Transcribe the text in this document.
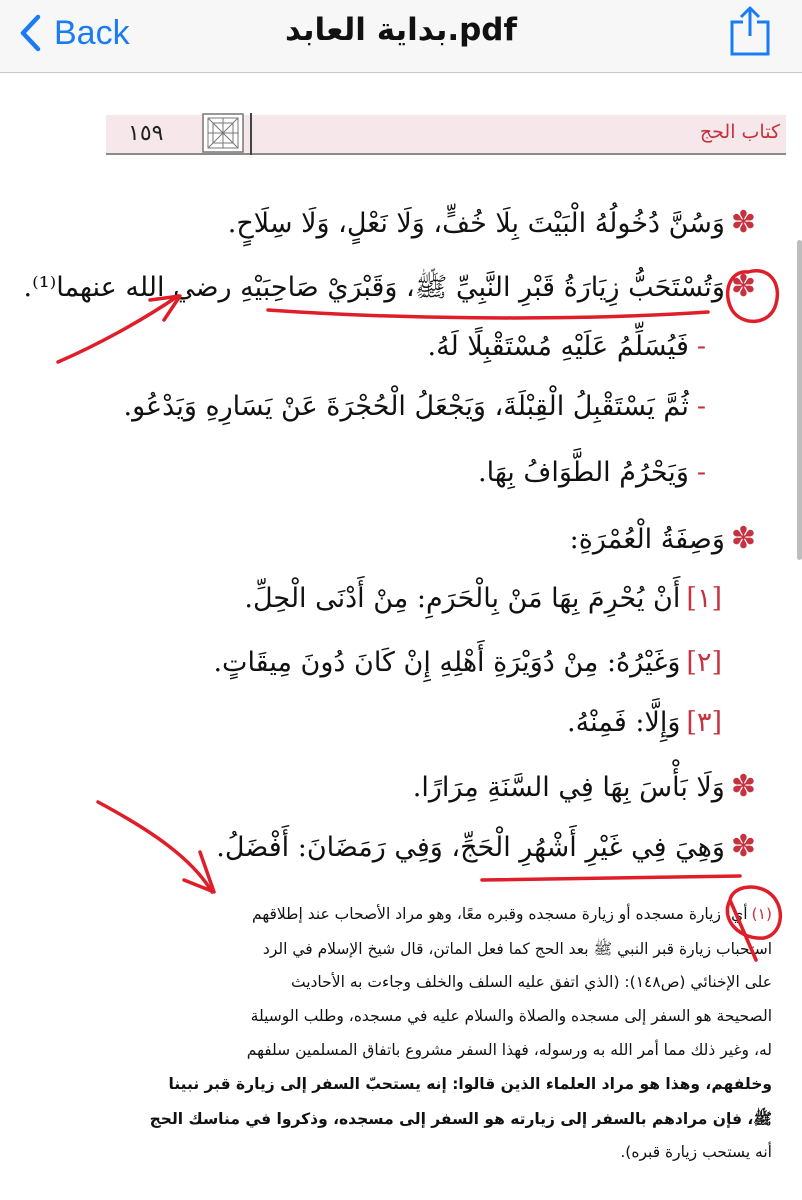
Back	بداية العابد.pdf
١٥٩	كتاب الحج
✽وَسُنَّ دُخُولُهُ الْبَيْتَ بِلَا خُفٍّ، وَلَا نَعْلٍ، وَلَا سِلَاحٍ.
✽وَتُسْتَحَبُّ زِيَارَةُ قَبْرِ النَّبِيِّ ﷺ، وَقَبْرَيْ صَاحِبَيْهِ رضي الله عنهما⁽¹⁾.
-فَيُسَلِّمُ عَلَيْهِ مُسْتَقْبِلًا لَهُ.
-ثُمَّ يَسْتَقْبِلُ الْقِبْلَةَ، وَيَجْعَلُ الْحُجْرَةَ عَنْ يَسَارِهِ وَيَدْعُو.
-وَيَحْرُمُ الطَّوَافُ بِهَا.
✽وَصِفَةُ الْعُمْرَةِ:
[١]أَنْ يُحْرِمَ بِهَا مَنْ بِالْحَرَمِ: مِنْ أَدْنَى الْحِلِّ.
[٢]وَغَيْرُهُ: مِنْ دُوَيْرَةِ أَهْلِهِ إِنْ كَانَ دُونَ مِيقَاتٍ.
[٣]وَإِلَّا: فَمِنْهُ.
✽وَلَا بَأْسَ بِهَا فِي السَّنَةِ مِرَارًا.
✽وَهِيَ فِي غَيْرِ أَشْهُرِ الْحَجِّ، وَفِي رَمَضَانَ: أَفْضَلُ.
(١)أي: زيارة مسجده أو زيارة مسجده وقبره معًا، وهو مراد الأصحاب عند إطلاقهم
استحباب زيارة قبر النبي ﷺ بعد الحج كما فعل الماتن، قال شيخ الإسلام في الرد
على الإخنائي (ص١٤٨): (الذي اتفق عليه السلف والخلف وجاءت به الأحاديث
الصحيحة هو السفر إلى مسجده والصلاة والسلام عليه في مسجده، وطلب الوسيلة
له، وغير ذلك مما أمر الله به ورسوله، فهذا السفر مشروع باتفاق المسلمين سلفهم
وخلفهم، وهذا هو مراد العلماء الذين قالوا: إنه يستحبّ السفر إلى زيارة قبر نبينا
ﷺ، فإن مرادهم بالسفر إلى زيارته هو السفر إلى مسجده، وذكروا في مناسك الحج
أنه يستحب زيارة قبره).
